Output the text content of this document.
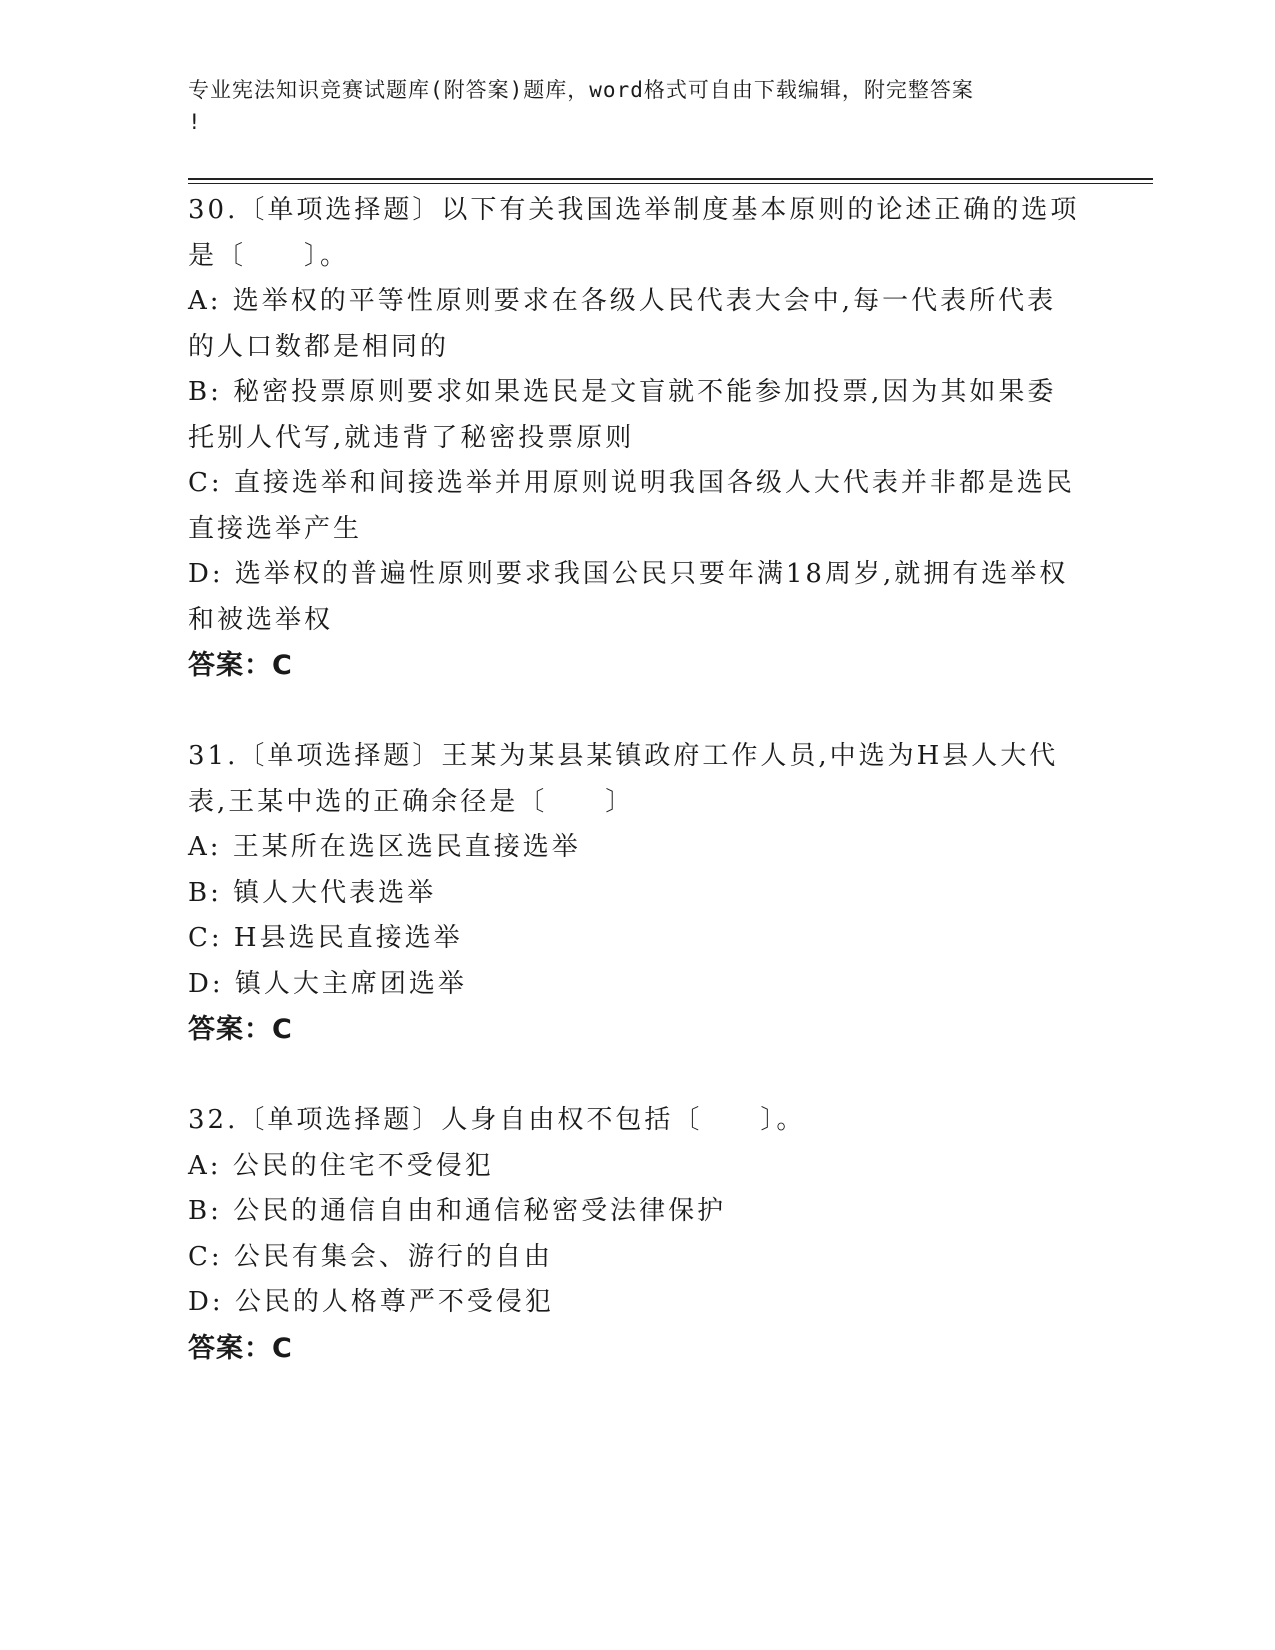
专业宪法知识竞赛试题库(附答案)题库，word格式可自由下载编辑，附完整答案
!
30.〔单项选择题〕以下有关我国选举制度基本原则的论述正确的选项
是〔　　〕。
A: 选举权的平等性原则要求在各级人民代表大会中,每一代表所代表
的人口数都是相同的
B: 秘密投票原则要求如果选民是文盲就不能参加投票,因为其如果委
托别人代写,就违背了秘密投票原则
C: 直接选举和间接选举并用原则说明我国各级人大代表并非都是选民
直接选举产生
D: 选举权的普遍性原则要求我国公民只要年满18周岁,就拥有选举权
和被选举权
答案：C
31.〔单项选择题〕王某为某县某镇政府工作人员,中选为H县人大代
表,王某中选的正确余径是〔　　〕
A: 王某所在选区选民直接选举
B: 镇人大代表选举
C: H县选民直接选举
D: 镇人大主席团选举
答案：C
32.〔单项选择题〕人身自由权不包括〔　　〕。
A: 公民的住宅不受侵犯
B: 公民的通信自由和通信秘密受法律保护
C: 公民有集会、游行的自由
D: 公民的人格尊严不受侵犯
答案：C
